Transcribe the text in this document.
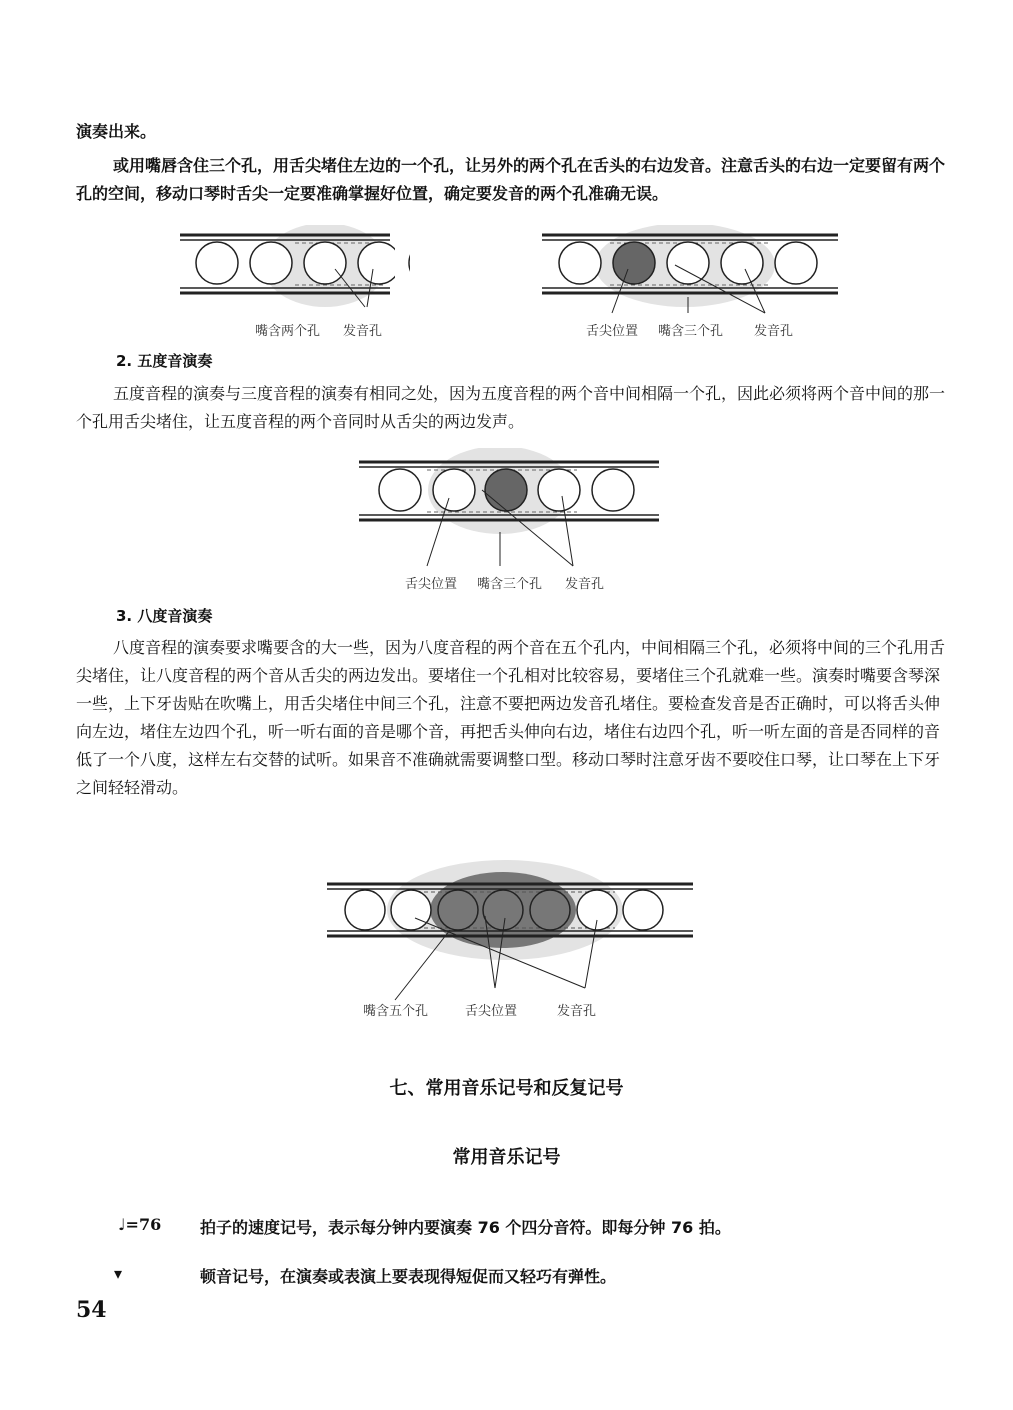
演奏出来。

或用嘴唇含住三个孔，用舌尖堵住左边的一个孔，让另外的两个孔在舌头的右边发音。注意舌头的右边一定要留有两个孔的空间，移动口琴时舌尖一定要准确掌握好位置，确定要发音的两个孔准确无误。

嘴含两个孔 发音孔	舌尖位置 嘴含三个孔 发音孔
2. 五度音演奏

五度音程的演奏与三度音程的演奏有相同之处，因为五度音程的两个音中间相隔一个孔，因此必须将两个音中间的那一个孔用舌尖堵住，让五度音程的两个音同时从舌尖的两边发声。

舌尖位置 嘴含三个孔 发音孔
3. 八度音演奏

八度音程的演奏要求嘴要含的大一些，因为八度音程的两个音在五个孔内，中间相隔三个孔，必须将中间的三个孔用舌尖堵住，让八度音程的两个音从舌尖的两边发出。要堵住一个孔相对比较容易，要堵住三个孔就难一些。演奏时嘴要含琴深一些，上下牙齿贴在吹嘴上，用舌尖堵住中间三个孔，注意不要把两边发音孔堵住。要检查发音是否正确时，可以将舌头伸向左边，堵住左边四个孔，听一听右面的音是哪个音，再把舌头伸向右边，堵住右边四个孔，听一听左面的音是否同样的音低了一个八度，这样左右交替的试听。如果音不准确就需要调整口型。移动口琴时注意牙齿不要咬住口琴，让口琴在上下牙之间轻轻滑动。

嘴含五个孔	舌尖位置	发音孔
七、常用音乐记号和反复记号
常用音乐记号
♩=76 拍子的速度记号，表示每分钟内要演奏 76 个四分音符。即每分钟 76 拍。
▾	顿音记号，在演奏或表演上要表现得短促而又轻巧有弹性。
54
